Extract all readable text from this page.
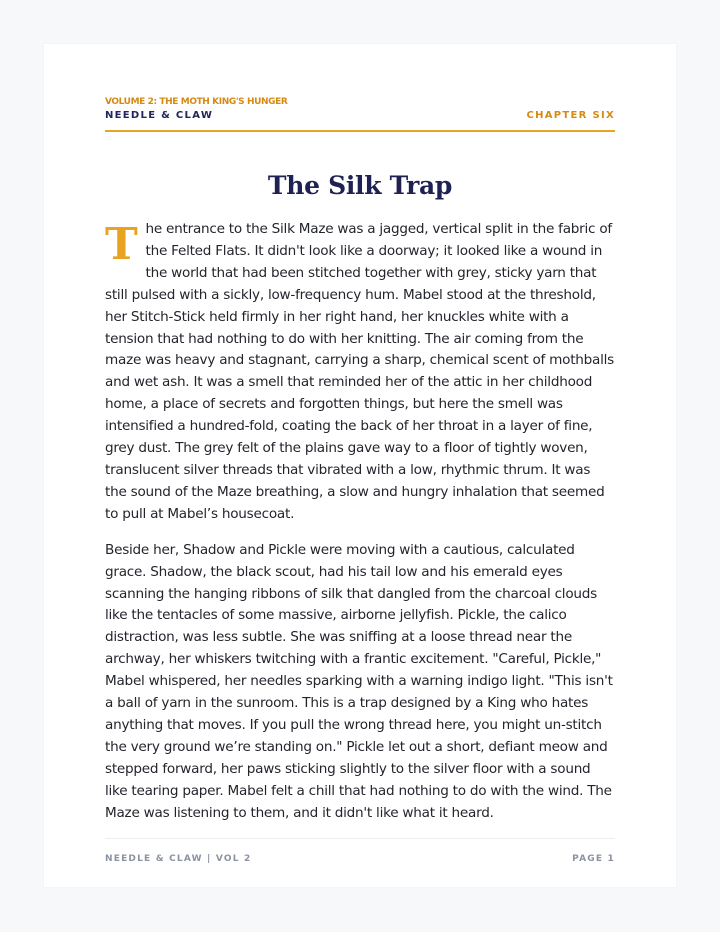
VOLUME 2: THE MOTH KING'S HUNGER
NEEDLE & CLAW	CHAPTER SIX
The Silk Trap

The entrance to the Silk Maze was a jagged, vertical split in the fabric of the Felted Flats. It didn't look like a doorway; it looked like a wound in the world that had been stitched together with grey, sticky yarn that still pulsed with a sickly, low-frequency hum. Mabel stood at the threshold, her Stitch-Stick held firmly in her right hand, her knuckles white with a tension that had nothing to do with her knitting. The air coming from the maze was heavy and stagnant, carrying a sharp, chemical scent of mothballs and wet ash. It was a smell that reminded her of the attic in her childhood home, a place of secrets and forgotten things, but here the smell was intensified a hundred-fold, coating the back of her throat in a layer of fine, grey dust. The grey felt of the plains gave way to a floor of tightly woven, translucent silver threads that vibrated with a low, rhythmic thrum. It was the sound of the Maze breathing, a slow and hungry inhalation that seemed to pull at Mabel’s housecoat.

Beside her, Shadow and Pickle were moving with a cautious, calculated grace. Shadow, the black scout, had his tail low and his emerald eyes scanning the hanging ribbons of silk that dangled from the charcoal clouds like the tentacles of some massive, airborne jellyfish. Pickle, the calico distraction, was less subtle. She was sniffing at a loose thread near the archway, her whiskers twitching with a frantic excitement. "Careful, Pickle," Mabel whispered, her needles sparking with a warning indigo light. "This isn't a ball of yarn in the sunroom. This is a trap designed by a King who hates anything that moves. If you pull the wrong thread here, you might un-stitch the very ground we’re standing on." Pickle let out a short, defiant meow and stepped forward, her paws sticking slightly to the silver floor with a sound like tearing paper. Mabel felt a chill that had nothing to do with the wind. The Maze was listening to them, and it didn't like what it heard.

NEEDLE & CLAW | VOL 2	PAGE 1
